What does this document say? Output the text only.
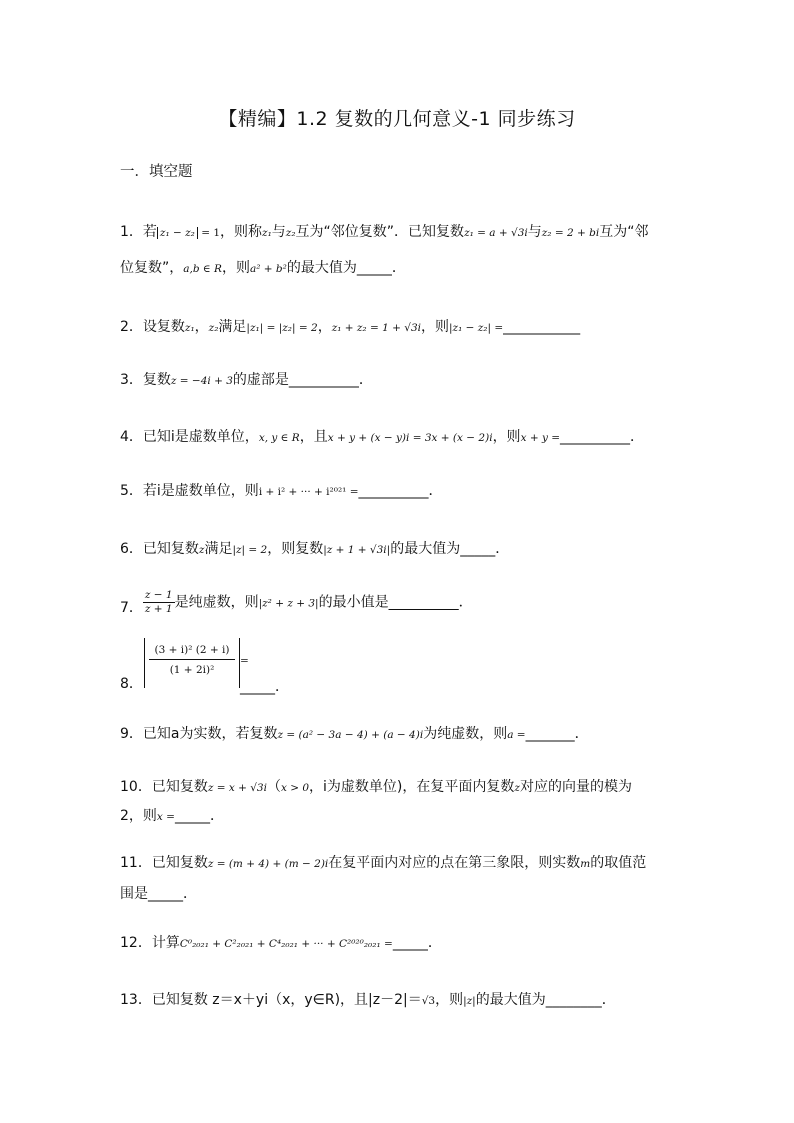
【精编】1.2 复数的几何意义-1 同步练习
一．填空题
1．若 z₁ − z₂ = 1，则称z₁与z₂互为“邻位复数”．已知复数z₁ = a + √3i与z₂ = 2 + bi互为“邻
位复数”，a,b ∈ R，则a² + b²的最大值为_____．
2．设复数z₁，z₂满足|z₁| = |z₂| = 2，z₁ + z₂ = 1 + √3i，则|z₁ − z₂| =___________
3．复数z = −4i + 3的虚部是__________．
4．已知i是虚数单位，x, y ∈ R，且x + y + (x − y)i = 3x + (x − 2)i，则x + y =__________．
5．若i是虚数单位，则i + i² + ··· + i²⁰²¹ =__________．
6．已知复数z满足|z| = 2，则复数|z + 1 + √3i|的最大值为_____．
7． $\frac{z - 1}{z + 1}$ 是纯虚数，则|z² + z + 3|的最小值是__________．
8．
(3 + i)² (2 + i)
(1 + 2i)²
=
_____．
9．已知a为实数，若复数z = (a² − 3a − 4) + (a − 4)i为纯虚数，则a =_______．
10．已知复数z = x + √3i（x > 0，i为虚数单位)，在复平面内复数z对应的向量的模为
2，则x =_____．
11．已知复数z = (m + 4) + (m − 2)i在复平面内对应的点在第三象限，则实数m的取值范
围是_____．
12．计算C⁰₂₀₂₁ + C²₂₀₂₁ + C⁴₂₀₂₁ + ··· + C²⁰²⁰₂₀₂₁ =_____．
13．已知复数 z＝x＋yi（x，y∈R)，且|z－2|＝√3，则|z|的最大值为________．
